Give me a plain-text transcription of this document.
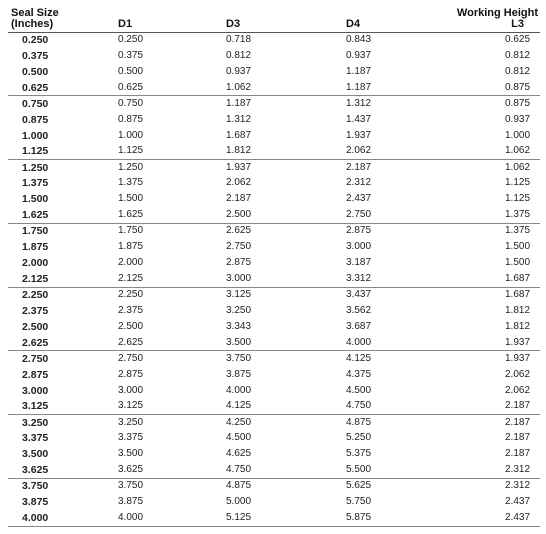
Seal Size
(Inches)	D1	D3	D4	Working Height
L3

0.250	0.250	0.718	0.843	0.625
0.375	0.375	0.812	0.937	0.812
0.500	0.500	0.937	1.187	0.812
0.625	0.625	1.062	1.187	0.875
0.750	0.750	1.187	1.312	0.875
0.875	0.875	1.312	1.437	0.937
1.000	1.000	1.687	1.937	1.000
1.125	1.125	1.812	2.062	1.062
1.250	1.250	1.937	2.187	1.062
1.375	1.375	2.062	2.312	1.125
1.500	1.500	2.187	2.437	1.125
1.625	1.625	2.500	2.750	1.375
1.750	1.750	2.625	2.875	1.375
1.875	1.875	2.750	3.000	1.500
2.000	2.000	2.875	3.187	1.500
2.125	2.125	3.000	3.312	1.687
2.250	2.250	3.125	3.437	1.687
2.375	2.375	3.250	3.562	1.812
2.500	2.500	3.343	3.687	1.812
2.625	2.625	3.500	4.000	1.937
2.750	2.750	3.750	4.125	1.937
2.875	2.875	3.875	4.375	2.062
3.000	3.000	4.000	4.500	2.062
3.125	3.125	4.125	4.750	2.187
3.250	3.250	4.250	4.875	2.187
3.375	3.375	4.500	5.250	2.187
3.500	3.500	4.625	5.375	2.187
3.625	3.625	4.750	5.500	2.312
3.750	3.750	4.875	5.625	2.312
3.875	3.875	5.000	5.750	2.437
4.000	4.000	5.125	5.875	2.437
